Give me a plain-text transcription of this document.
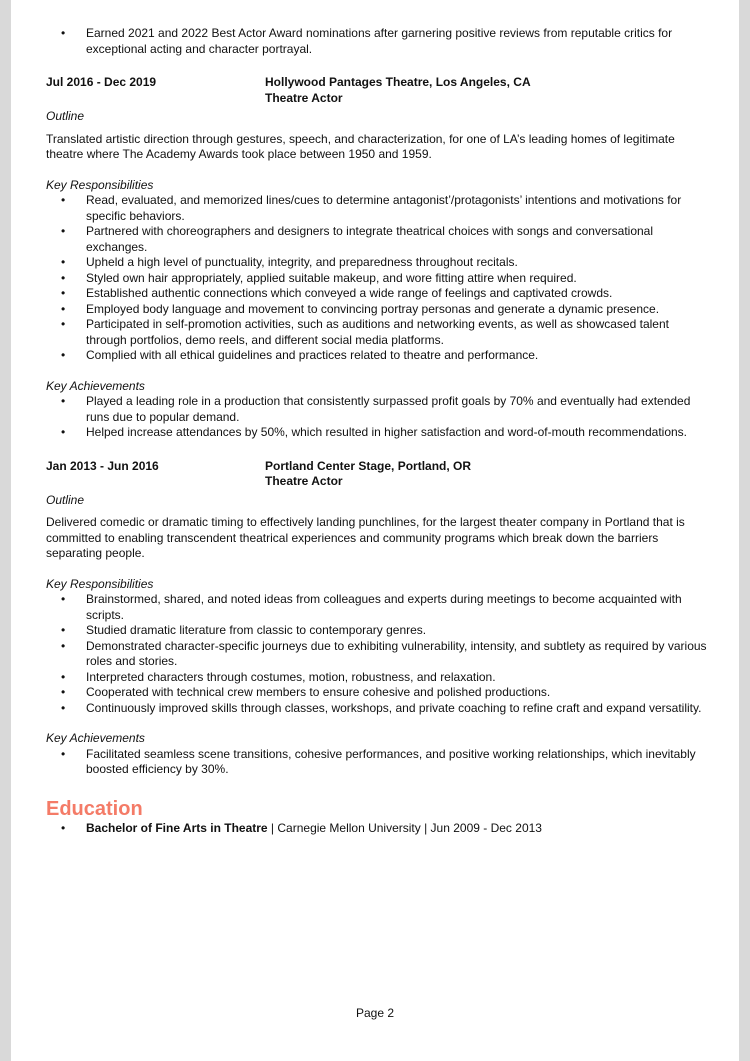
• Earned 2021 and 2022 Best Actor Award nominations after garnering positive reviews from reputable critics for exceptional acting and character portrayal.
Jul 2016 - Dec 2019	Hollywood Pantages Theatre, Los Angeles, CA
Theatre Actor
Outline
Translated artistic direction through gestures, speech, and characterization, for one of LA’s leading homes of legitimate theatre where The Academy Awards took place between 1950 and 1959.
Key Responsibilities
• Read, evaluated, and memorized lines/cues to determine antagonist’/protagonists’ intentions and motivations for specific behaviors.
• Partnered with choreographers and designers to integrate theatrical choices with songs and conversational exchanges.
• Upheld a high level of punctuality, integrity, and preparedness throughout recitals.
• Styled own hair appropriately, applied suitable makeup, and wore fitting attire when required.
• Established authentic connections which conveyed a wide range of feelings and captivated crowds.
• Employed body language and movement to convincing portray personas and generate a dynamic presence.
• Participated in self-promotion activities, such as auditions and networking events, as well as showcased talent through portfolios, demo reels, and different social media platforms.
• Complied with all ethical guidelines and practices related to theatre and performance.
Key Achievements
• Played a leading role in a production that consistently surpassed profit goals by 70% and eventually had extended runs due to popular demand.
• Helped increase attendances by 50%, which resulted in higher satisfaction and word-of-mouth recommendations.
Jan 2013 - Jun 2016	Portland Center Stage, Portland, OR
Theatre Actor
Outline
Delivered comedic or dramatic timing to effectively landing punchlines, for the largest theater company in Portland that is committed to enabling transcendent theatrical experiences and community programs which break down the barriers separating people.
Key Responsibilities
• Brainstormed, shared, and noted ideas from colleagues and experts during meetings to become acquainted with scripts.
• Studied dramatic literature from classic to contemporary genres.
• Demonstrated character-specific journeys due to exhibiting vulnerability, intensity, and subtlety as required by various roles and stories.
• Interpreted characters through costumes, motion, robustness, and relaxation.
• Cooperated with technical crew members to ensure cohesive and polished productions.
• Continuously improved skills through classes, workshops, and private coaching to refine craft and expand versatility.
Key Achievements
• Facilitated seamless scene transitions, cohesive performances, and positive working relationships, which inevitably boosted efficiency by 30%.
Education
• Bachelor of Fine Arts in Theatre | Carnegie Mellon University | Jun 2009 - Dec 2013
Page 2
